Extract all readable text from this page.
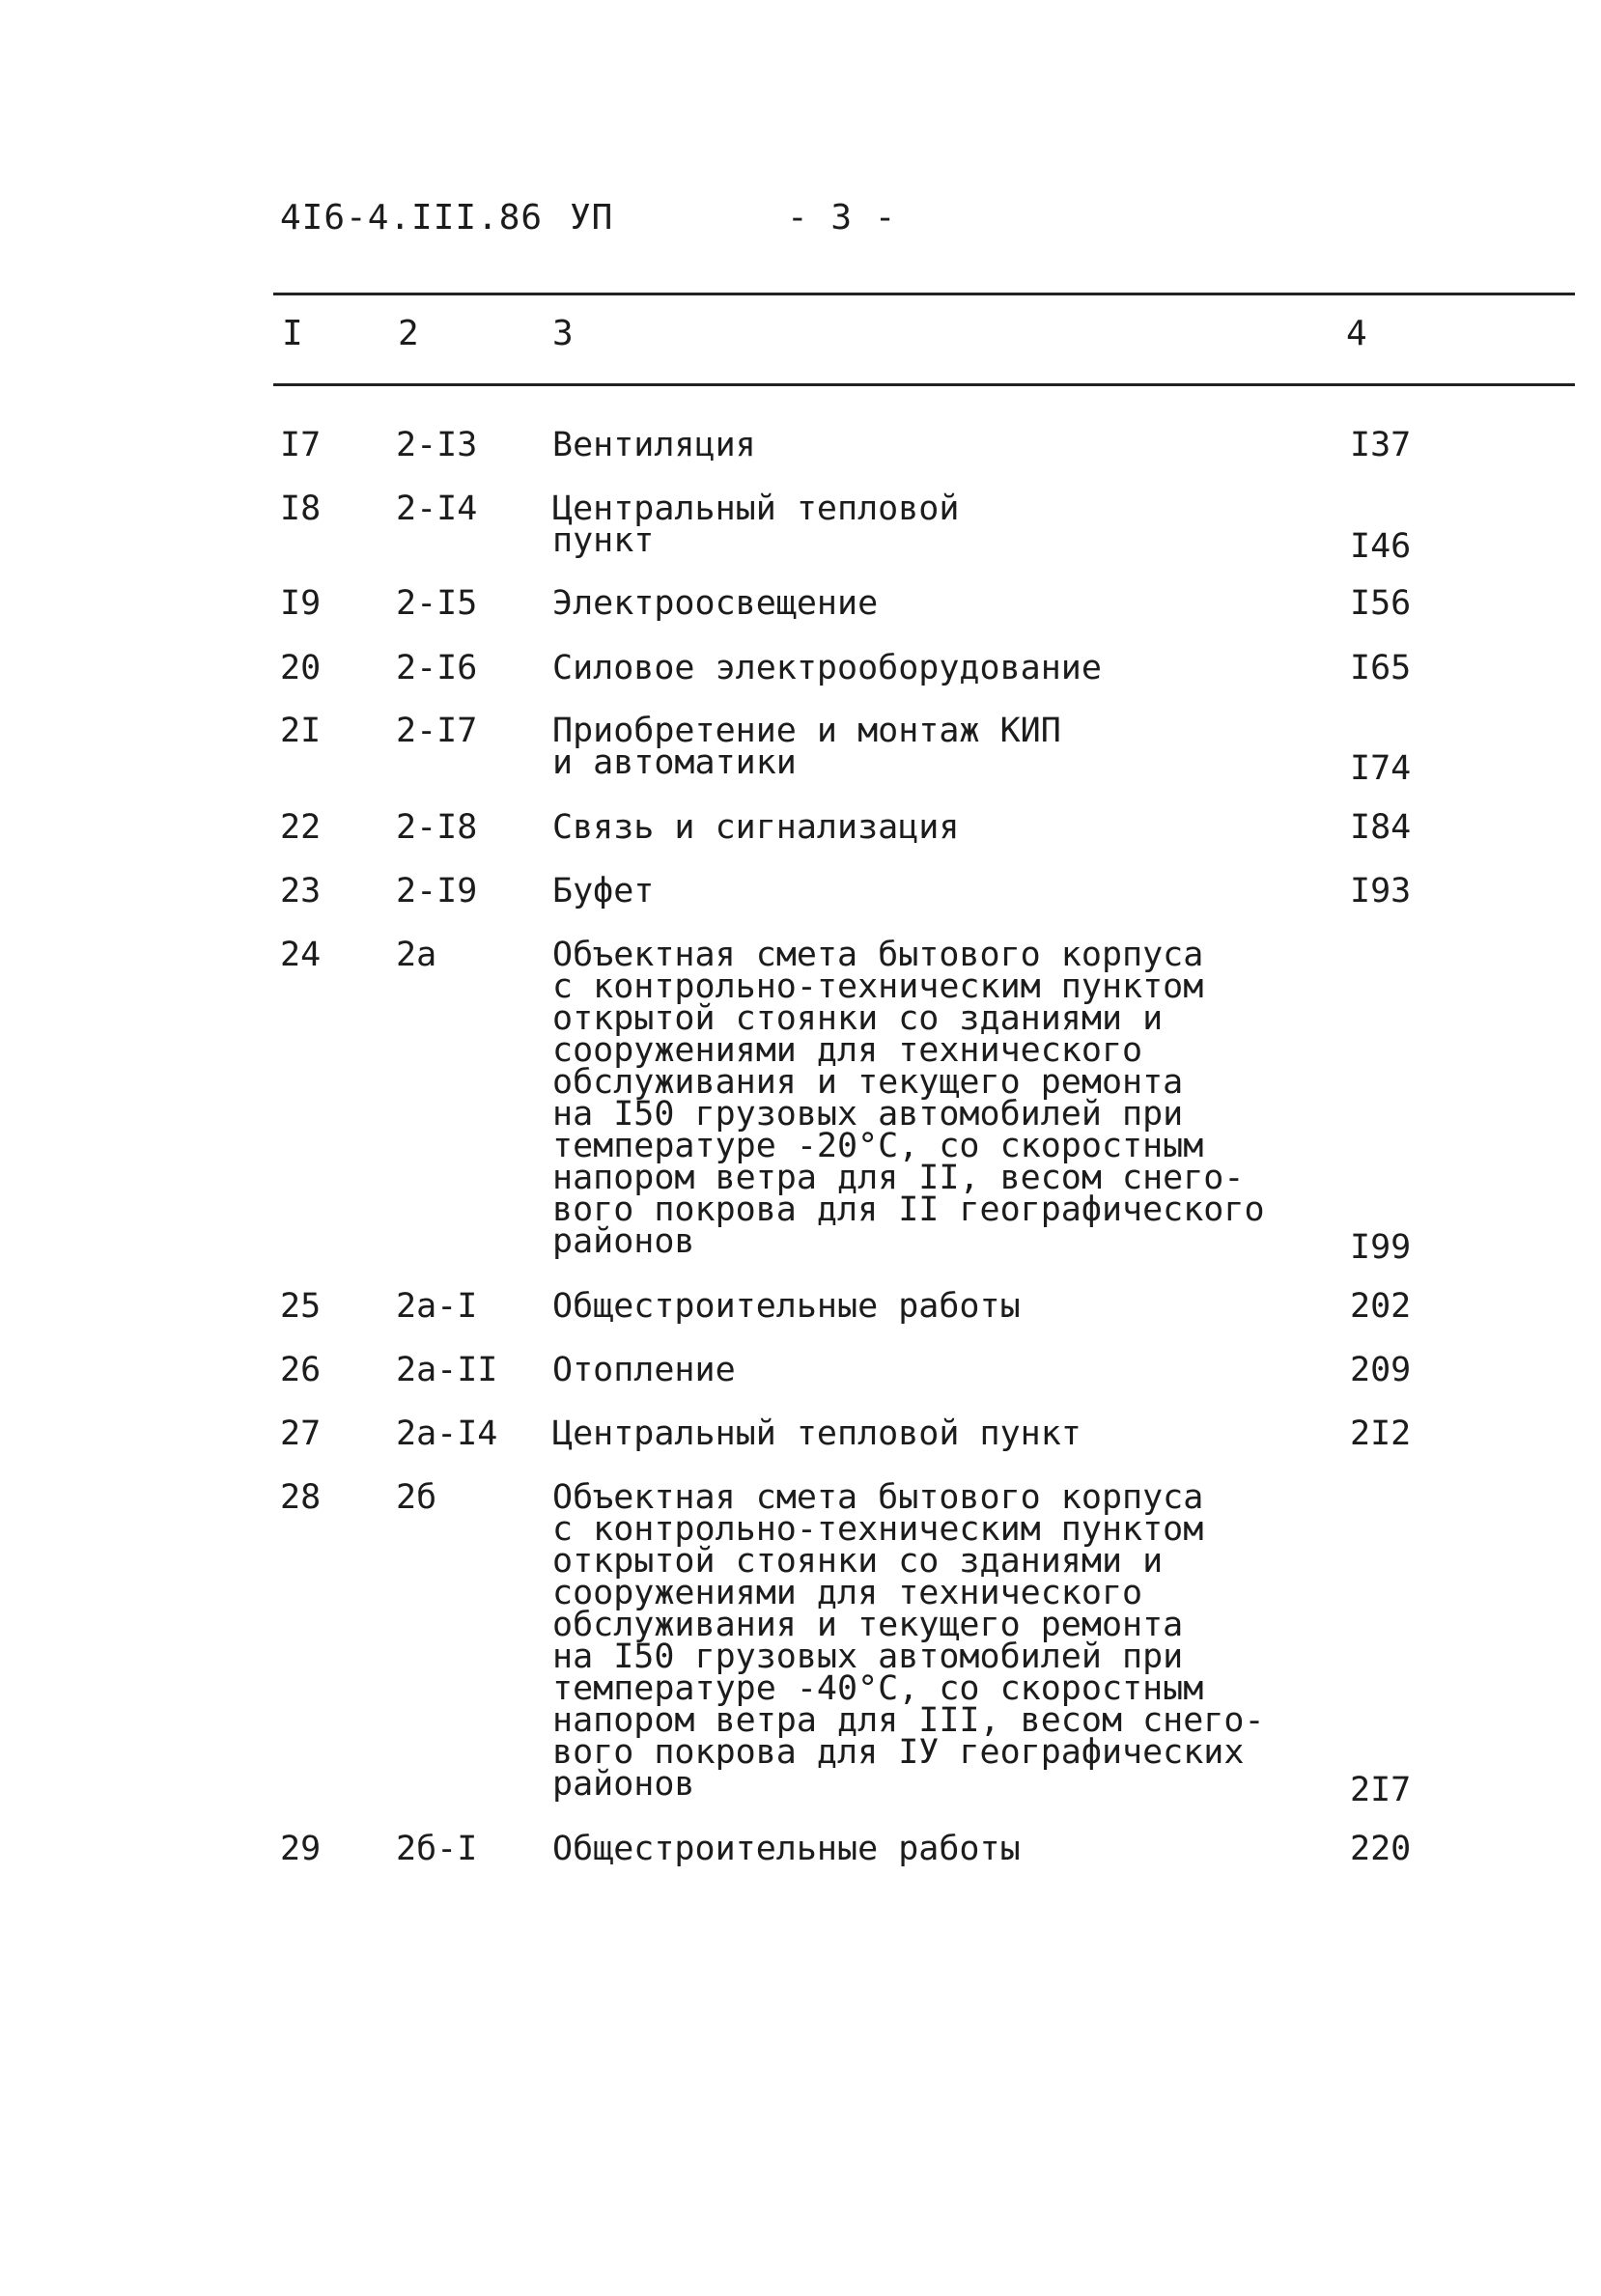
4I6-4.III.86

УП

	- 3 -

I	2	3	4
I7 2-I3 Вентиляция	I37
I8 2-I4 Центральный тепловой
пункт	I46
I9 2-I5 Электроосвещение	I56
20 2-I6 Силовое электрооборудование	I65
2I 2-I7 Приобретение и монтаж КИП
и автоматики	I74
22 2-I8 Связь и сигнализация	I84
23 2-I9 Буфет	I93
24 2а	Объектная смета бытового корпуса
с контрольно-техническим пунктом
открытой стоянки со зданиями и
сооружениями для технического
обслуживания и текущего ремонта
на I50 грузовых автомобилей при
температуре -20°С, со скоростным
напором ветра для II, весом снего-
вого покрова для II географического
районов	I99
25 2а-I Общестроительные работы	202
26 2а-II Отопление	209
27 2а-I4 Центральный тепловой пункт	2I2
28 2б	Объектная смета бытового корпуса
с контрольно-техническим пунктом
открытой стоянки со зданиями и
сооружениями для технического
обслуживания и текущего ремонта
на I50 грузовых автомобилей при
температуре -40°С, со скоростным
напором ветра для III, весом снего-
вого покрова для IУ географических
районов	2I7
29 2б-I Общестроительные работы	220
